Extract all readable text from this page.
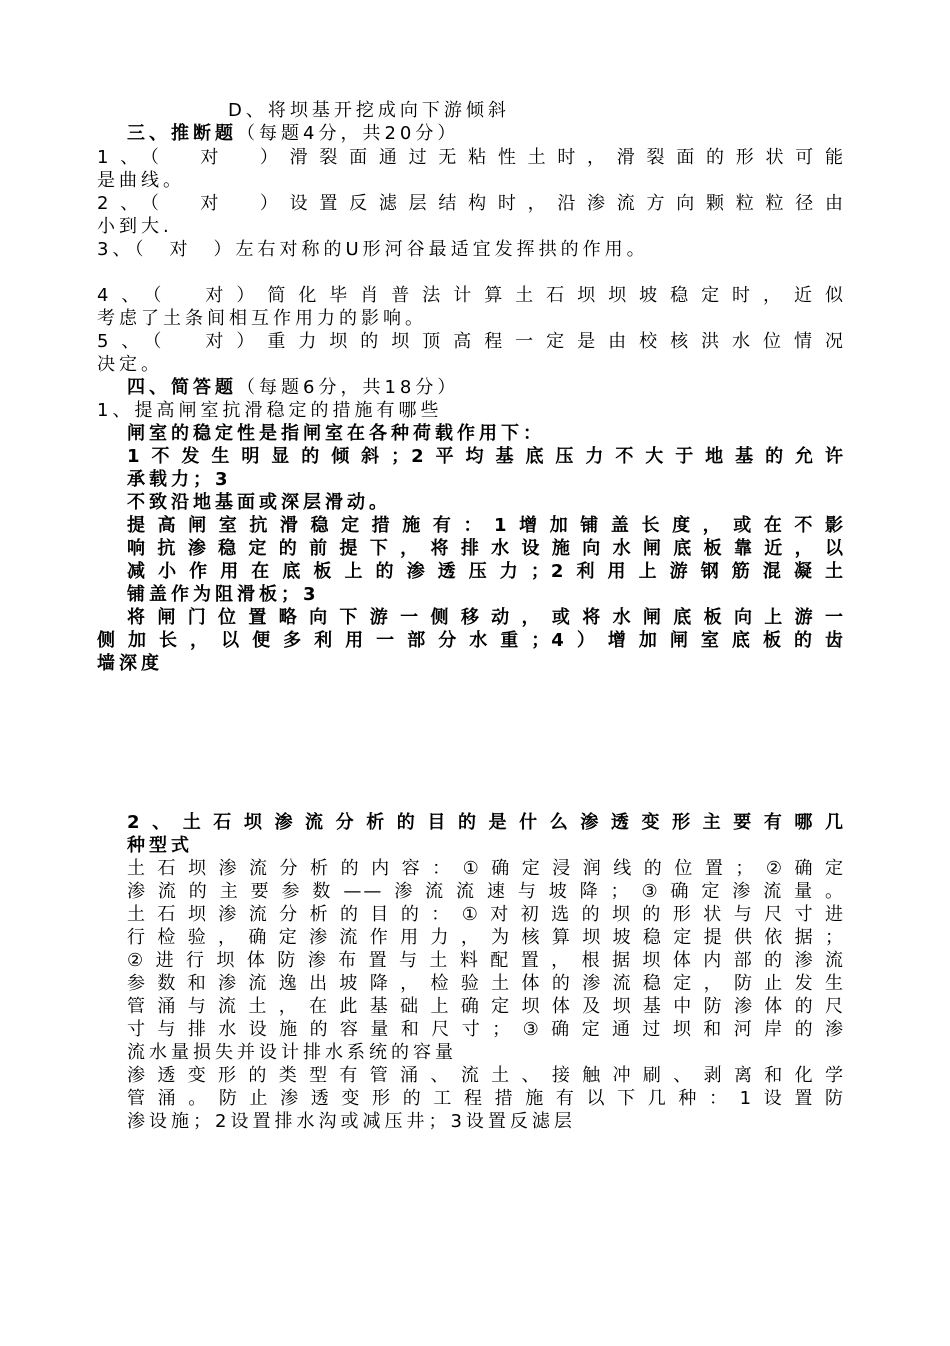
D、将坝基开挖成向下游倾斜
三、推断题（每题4分，共20分）
1、（　对　）滑裂面通过无粘性土时，滑裂面的形状可能
是曲线。
2、（　对　）设置反滤层结构时，沿渗流方向颗粒粒径由
小到大.
3、（　对　）左右对称的U形河谷最适宜发挥拱的作用。
4、（　对）简化毕肖普法计算土石坝坝坡稳定时，近似
考虑了土条间相互作用力的影响。
5、（　对）重力坝的坝顶高程一定是由校核洪水位情况
决定。
四、简答题（每题6分，共18分）
1、提高闸室抗滑稳定的措施有哪些
闸室的稳定性是指闸室在各种荷载作用下：
1不发生明显的倾斜；2平均基底压力不大于地基的允许
承载力；3
不致沿地基面或深层滑动。
提高闸室抗滑稳定措施有：1增加铺盖长度，或在不影
响抗渗稳定的前提下，将排水设施向水闸底板靠近，以
减小作用在底板上的渗透压力；2利用上游钢筋混凝土
铺盖作为阻滑板；3
将闸门位置略向下游一侧移动，或将水闸底板向上游一
侧加长，以便多利用一部分水重；4）增加闸室底板的齿
墙深度
2、土石坝渗流分析的目的是什么渗透变形主要有哪几
种型式
土石坝渗流分析的内容：①确定浸润线的位置；②确定
渗流的主要参数——渗流流速与坡降；③确定渗流量。
土石坝渗流分析的目的：①对初选的坝的形状与尺寸进
行检验，确定渗流作用力，为核算坝坡稳定提供依据；
②进行坝体防渗布置与土料配置，根据坝体内部的渗流
参数和渗流逸出坡降，检验土体的渗流稳定，防止发生
管涌与流土，在此基础上确定坝体及坝基中防渗体的尺
寸与排水设施的容量和尺寸；③确定通过坝和河岸的渗
流水量损失并设计排水系统的容量
渗透变形的类型有管涌、流土、接触冲刷、剥离和化学
管涌。防止渗透变形的工程措施有以下几种：1设置防
渗设施；2设置排水沟或减压井；3设置反滤层
